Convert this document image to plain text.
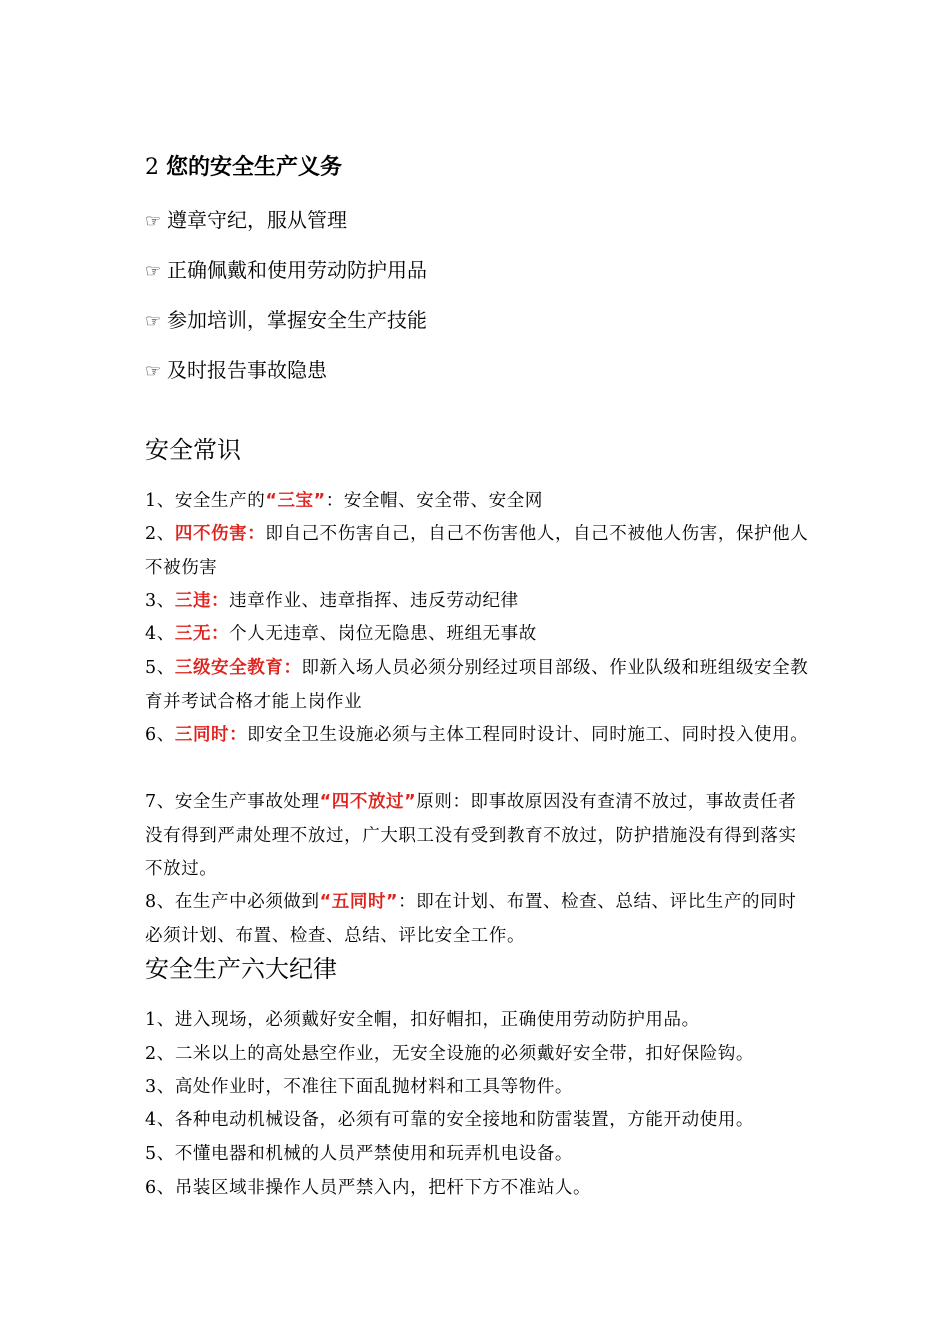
2 您的安全生产义务
☞ 遵章守纪，服从管理
☞ 正确佩戴和使用劳动防护用品
☞ 参加培训，掌握安全生产技能
☞ 及时报告事故隐患
安全常识
1、安全生产的“三宝”：安全帽、安全带、安全网
2、四不伤害：即自己不伤害自己，自己不伤害他人，自己不被他人伤害，保护他人不被伤害
3、三违：违章作业、违章指挥、违反劳动纪律
4、三无：个人无违章、岗位无隐患、班组无事故
5、三级安全教育：即新入场人员必须分别经过项目部级、作业队级和班组级安全教育并考试合格才能上岗作业
6、三同时：即安全卫生设施必须与主体工程同时设计、同时施工、同时投入使用。
7、安全生产事故处理“四不放过”原则：即事故原因没有查清不放过，事故责任者没有得到严肃处理不放过，广大职工没有受到教育不放过，防护措施没有得到落实不放过。
8、在生产中必须做到“五同时”：即在计划、布置、检查、总结、评比生产的同时必须计划、布置、检查、总结、评比安全工作。
安全生产六大纪律
1、进入现场，必须戴好安全帽，扣好帽扣，正确使用劳动防护用品。
2、二米以上的高处悬空作业，无安全设施的必须戴好安全带，扣好保险钩。
3、高处作业时，不准往下面乱抛材料和工具等物件。
4、各种电动机械设备，必须有可靠的安全接地和防雷装置，方能开动使用。
5、不懂电器和机械的人员严禁使用和玩弄机电设备。
6、吊装区域非操作人员严禁入内，把杆下方不准站人。
